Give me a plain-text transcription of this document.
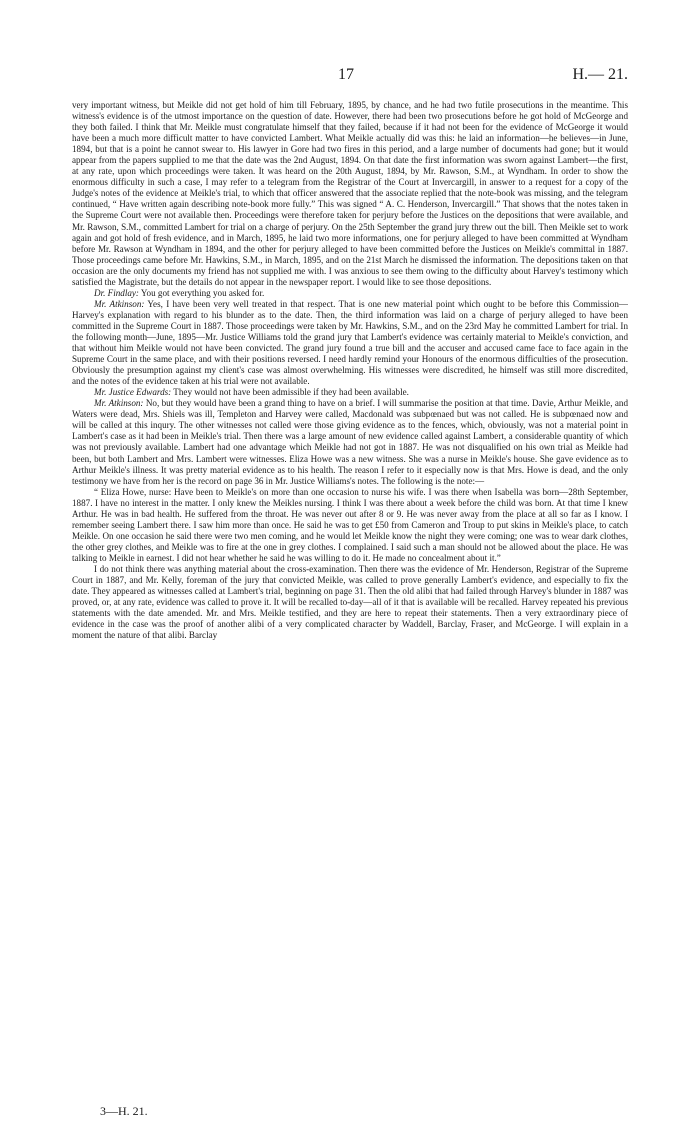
17	H.— 21.

very important witness, but Meikle did not get hold of him till February, 1895, by chance, and he had two futile prosecutions in the meantime. This witness's evidence is of the utmost importance on the question of date. However, there had been two prosecutions before he got hold of McGeorge and they both failed. I think that Mr. Meikle must congratulate himself that they failed, because if it had not been for the evidence of McGeorge it would have been a much more difficult matter to have convicted Lambert. What Meikle actually did was this: he laid an information—he believes—in June, 1894, but that is a point he cannot swear to. His lawyer in Gore had two fires in this period, and a large number of documents had gone; but it would appear from the papers supplied to me that the date was the 2nd August, 1894. On that date the first information was sworn against Lambert—the first, at any rate, upon which proceedings were taken. It was heard on the 20th August, 1894, by Mr. Rawson, S.M., at Wyndham. In order to show the enormous difficulty in such a case, I may refer to a telegram from the Registrar of the Court at Invercargill, in answer to a request for a copy of the Judge's notes of the evidence at Meikle's trial, to which that officer answered that the associate replied that the note-book was missing, and the telegram continued, “ Have written again describing note-book more fully.” This was signed “ A. C. Henderson, Invercargill.” That shows that the notes taken in the Supreme Court were not available then. Proceedings were therefore taken for perjury before the Justices on the depositions that were available, and Mr. Rawson, S.M., committed Lambert for trial on a charge of perjury. On the 25th September the grand jury threw out the bill. Then Meikle set to work again and got hold of fresh evidence, and in March, 1895, he laid two more informations, one for perjury alleged to have been committed at Wyndham before Mr. Rawson at Wyndham in 1894, and the other for perjury alleged to have been committed before the Justices on Meikle's committal in 1887. Those proceedings came before Mr. Hawkins, S.M., in March, 1895, and on the 21st March he dismissed the information. The depositions taken on that occasion are the only documents my friend has not supplied me with. I was anxious to see them owing to the difficulty about Harvey's testimony which satisfied the Magistrate, but the details do not appear in the newspaper report. I would like to see those depositions.

Dr. Findlay: You got everything you asked for.

Mr. Atkinson: Yes, I have been very well treated in that respect. That is one new material point which ought to be before this Commission—Harvey's explanation with regard to his blunder as to the date. Then, the third information was laid on a charge of perjury alleged to have been committed in the Supreme Court in 1887. Those proceedings were taken by Mr. Hawkins, S.M., and on the 23rd May he committed Lambert for trial. In the following month—June, 1895—Mr. Justice Williams told the grand jury that Lambert's evidence was certainly material to Meikle's conviction, and that without him Meikle would not have been convicted. The grand jury found a true bill and the accuser and accused came face to face again in the Supreme Court in the same place, and with their positions reversed. I need hardly remind your Honours of the enormous difficulties of the prosecution. Obviously the presumption against my client's case was almost overwhelming. His witnesses were discredited, he himself was still more discredited, and the notes of the evidence taken at his trial were not available.

Mr. Justice Edwards: They would not have been admissible if they had been available.

Mr. Atkinson: No, but they would have been a grand thing to have on a brief. I will summarise the position at that time. Davie, Arthur Meikle, and Waters were dead, Mrs. Shiels was ill, Templeton and Harvey were called, Macdonald was subpœnaed but was not called. He is subpœnaed now and will be called at this inqury. The other witnesses not called were those giving evidence as to the fences, which, obviously, was not a material point in Lambert's case as it had been in Meikle's trial. Then there was a large amount of new evidence called against Lambert, a considerable quantity of which was not previously available. Lambert had one advantage which Meikle had not got in 1887. He was not disqualified on his own trial as Meikle had been, but both Lambert and Mrs. Lambert were witnesses. Eliza Howe was a new witness. She was a nurse in Meikle's house. She gave evidence as to Arthur Meikle's illness. It was pretty material evidence as to his health. The reason I refer to it especially now is that Mrs. Howe is dead, and the only testimony we have from her is the record on page 36 in Mr. Justice Williams's notes. The following is the note:—

“ Eliza Howe, nurse: Have been to Meikle's on more than one occasion to nurse his wife. I was there when Isabella was born—28th September, 1887. I have no interest in the matter. I only knew the Meikles nursing. I think I was there about a week before the child was born. At that time I knew Arthur. He was in bad health. He suffered from the throat. He was never out after 8 or 9. He was never away from the place at all so far as I know. I remember seeing Lambert there. I saw him more than once. He said he was to get £50 from Cameron and Troup to put skins in Meikle's place, to catch Meikle. On one occasion he said there were two men coming, and he would let Meikle know the night they were coming; one was to wear dark clothes, the other grey clothes, and Meikle was to fire at the one in grey clothes. I complained. I said such a man should not be allowed about the place. He was talking to Meikle in earnest. I did not hear whether he said he was willing to do it. He made no concealment about it.”

I do not think there was anything material about the cross-examination. Then there was the evidence of Mr. Henderson, Registrar of the Supreme Court in 1887, and Mr. Kelly, foreman of the jury that convicted Meikle, was called to prove generally Lambert's evidence, and especially to fix the date. They appeared as witnesses called at Lambert's trial, beginning on page 31. Then the old alibi that had failed through Harvey's blunder in 1887 was proved, or, at any rate, evidence was called to prove it. It will be recalled to-day—all of it that is available will be recalled. Harvey repeated his previous statements with the date amended. Mr. and Mrs. Meikle testified, and they are here to repeat their statements. Then a very extraordinary piece of evidence in the case was the proof of another alibi of a very complicated character by Waddell, Barclay, Fraser, and McGeorge. I will explain in a moment the nature of that alibi. Barclay

3—H. 21.
